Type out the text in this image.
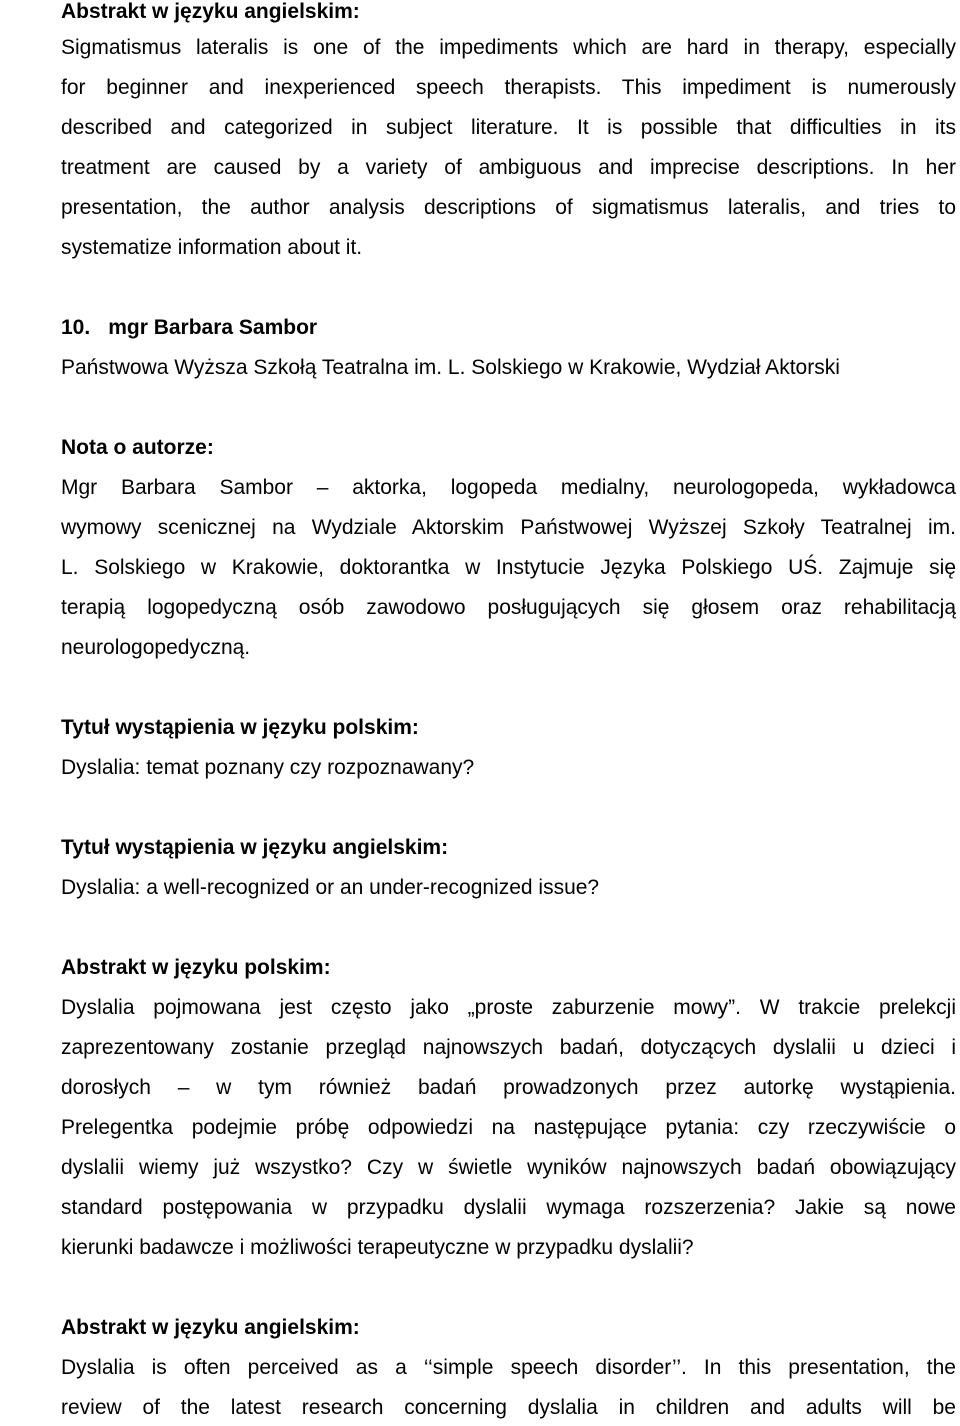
Abstrakt w języku angielskim:
Sigmatismus lateralis is one of the impediments which are hard in therapy, especially
for beginner and inexperienced speech therapists. This impediment is numerously
described and categorized in subject literature. It is possible that difficulties in its
treatment are caused by a variety of ambiguous and imprecise descriptions. In her
presentation, the author analysis descriptions of sigmatismus lateralis, and tries to
systematize information about it.
10. mgr Barbara Sambor
Państwowa Wyższa Szkołą Teatralna im. L. Solskiego w Krakowie, Wydział Aktorski
Nota o autorze:
Mgr Barbara Sambor – aktorka, logopeda medialny, neurologopeda, wykładowca
wymowy scenicznej na Wydziale Aktorskim Państwowej Wyższej Szkoły Teatralnej im.
L. Solskiego w Krakowie, doktorantka w Instytucie Języka Polskiego UŚ. Zajmuje się
terapią logopedyczną osób zawodowo posługujących się głosem oraz rehabilitacją
neurologopedyczną.
Tytuł wystąpienia w języku polskim:
Dyslalia: temat poznany czy rozpoznawany?
Tytuł wystąpienia w języku angielskim:
Dyslalia: a well-recognized or an under-recognized issue?
Abstrakt w języku polskim:
Dyslalia pojmowana jest często jako „proste zaburzenie mowy”. W trakcie prelekcji
zaprezentowany zostanie przegląd najnowszych badań, dotyczących dyslalii u dzieci i
dorosłych – w tym również badań prowadzonych przez autorkę wystąpienia.
Prelegentka podejmie próbę odpowiedzi na następujące pytania: czy rzeczywiście o
dyslalii wiemy już wszystko? Czy w świetle wyników najnowszych badań obowiązujący
standard postępowania w przypadku dyslalii wymaga rozszerzenia? Jakie są nowe
kierunki badawcze i możliwości terapeutyczne w przypadku dyslalii?
Abstrakt w języku angielskim:
Dyslalia is often perceived as a ‘‘simple speech disorder’’. In this presentation, the
review of the latest research concerning dyslalia in children and adults will be
